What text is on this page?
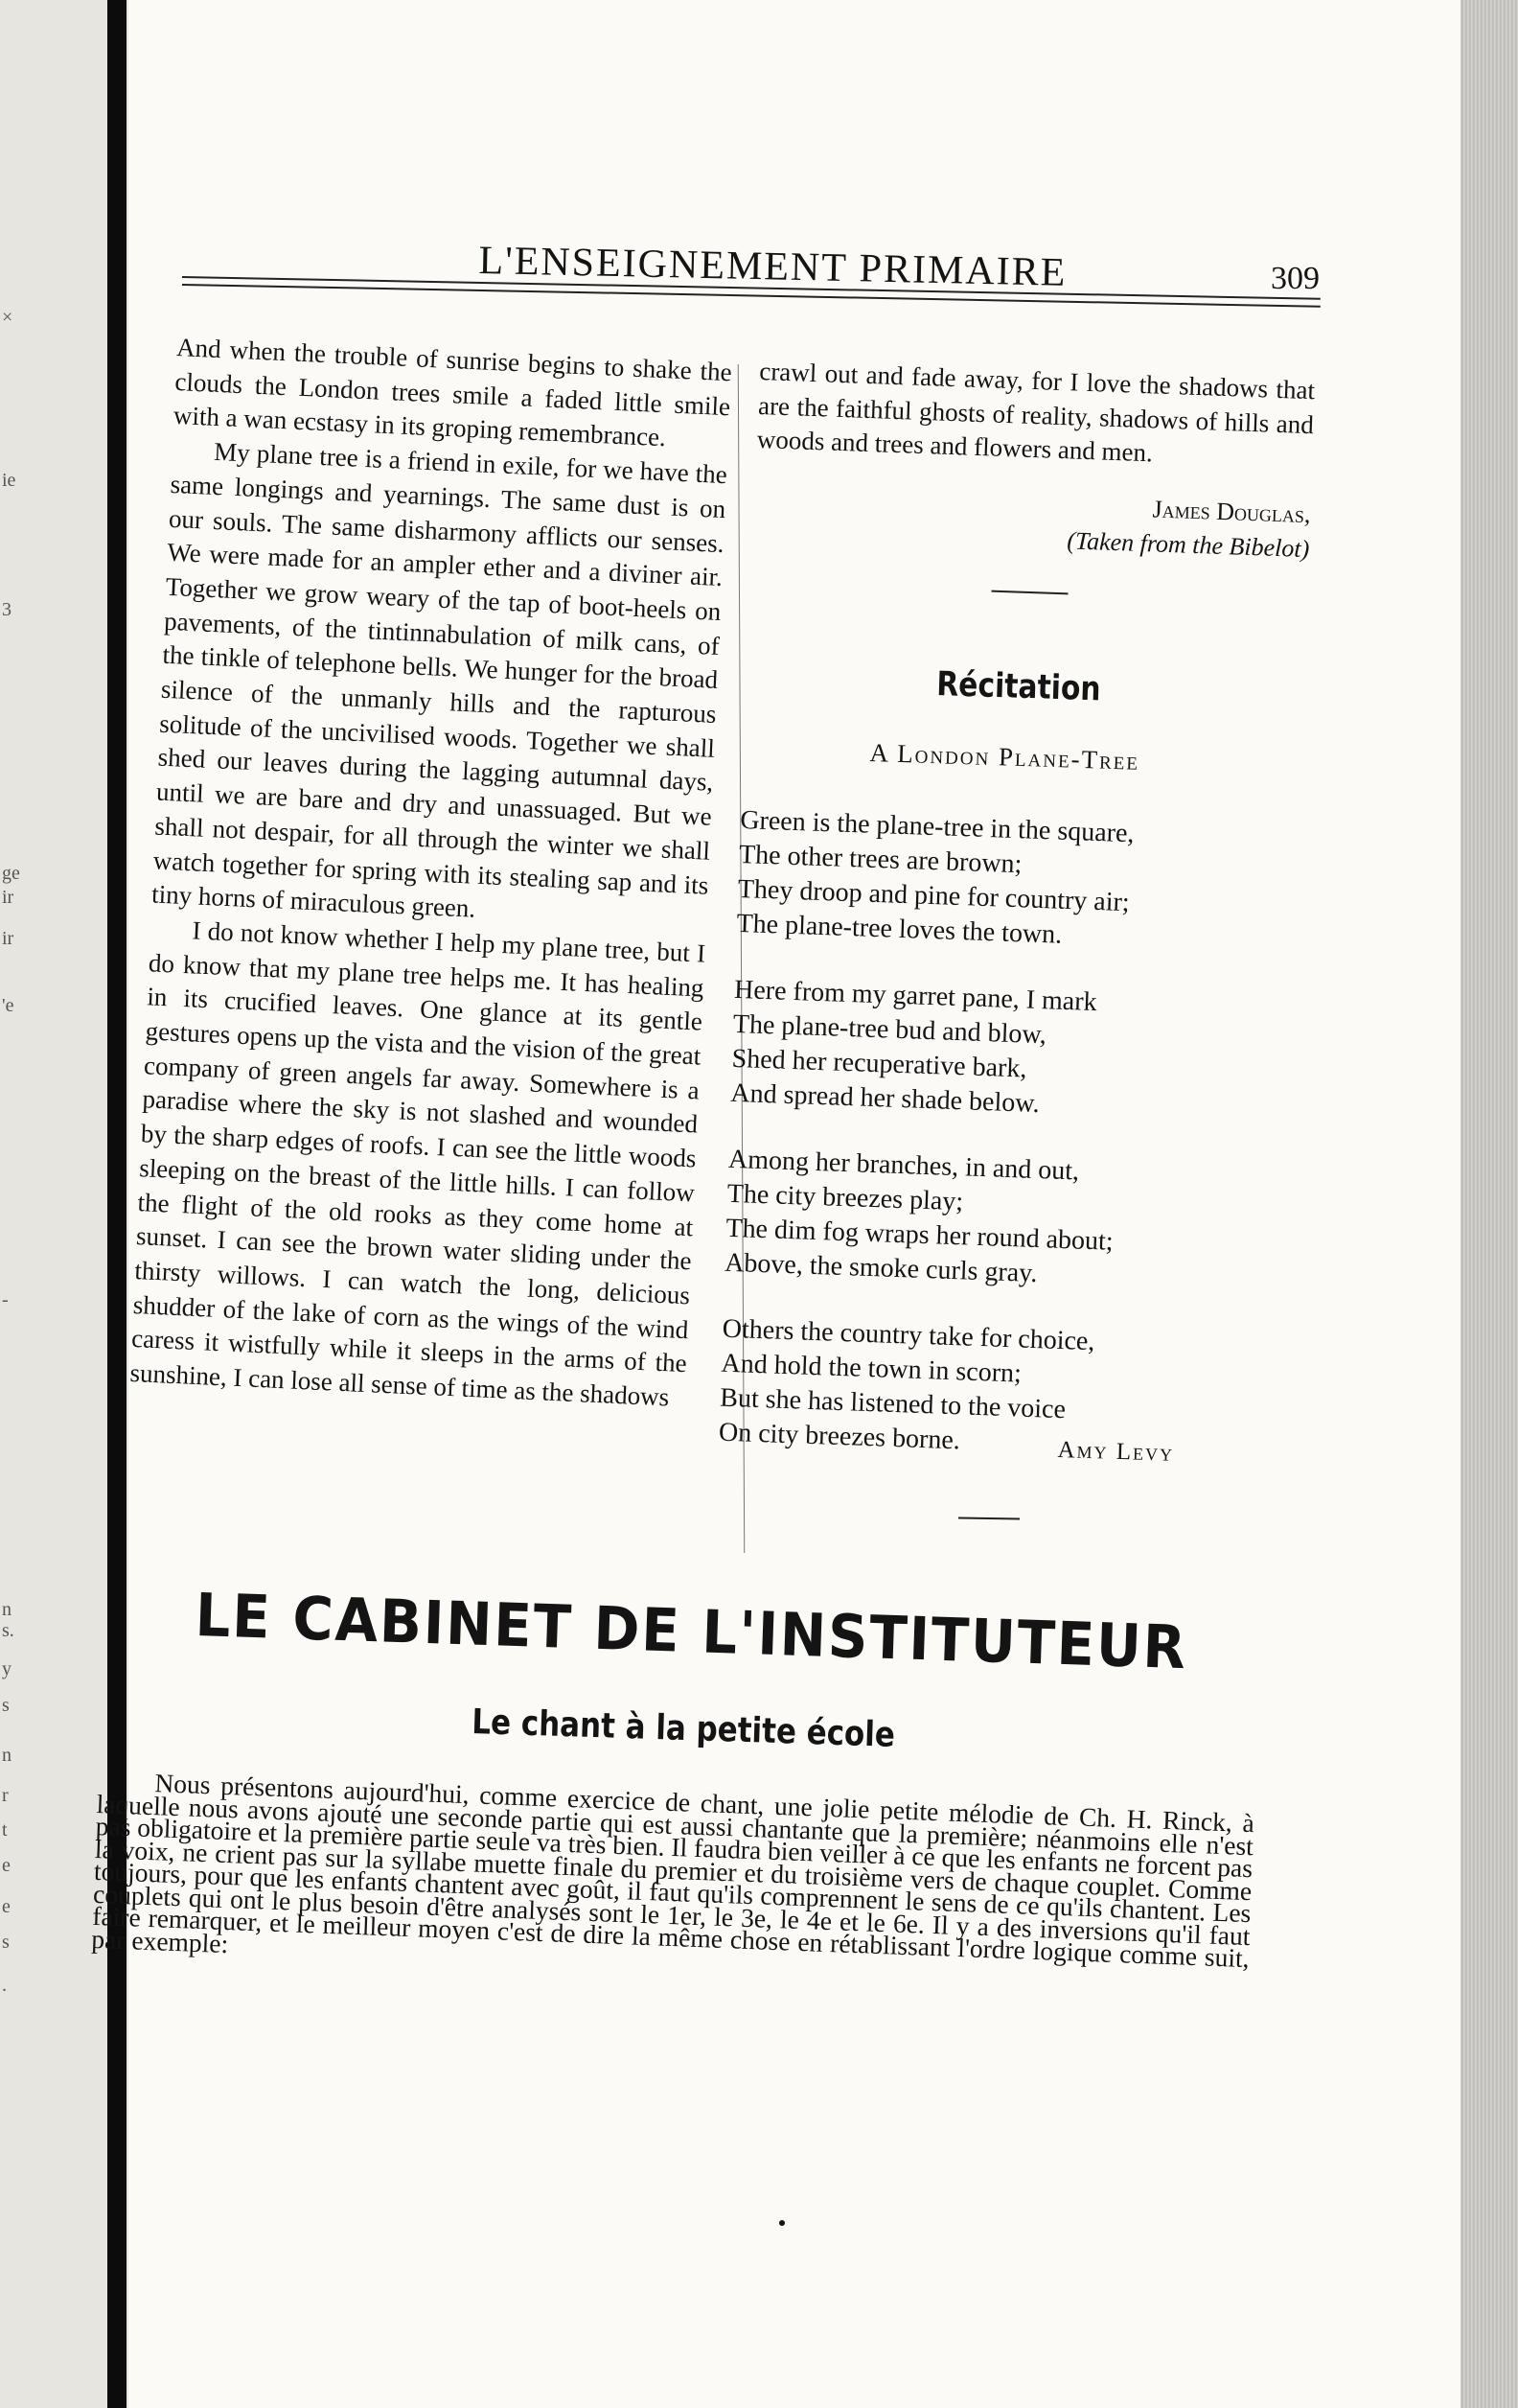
×
ie
3
ge
ir
ir
'e
-
n
s.
y
s
n
r
t
e
e
s
.
L'ENSEIGNEMENT PRIMAIRE	309

And when the trouble of sunrise begins to shake the clouds the London trees smile a faded little smile with a wan ecstasy in its groping remembrance.

My plane tree is a friend in exile, for we have the same longings and yearnings. The same dust is on our souls. The same disharmony afflicts our senses. We were made for an ampler ether and a diviner air. Together we grow weary of the tap of boot-heels on pavements, of the tintinnabulation of milk cans, of the tinkle of telephone bells. We hunger for the broad silence of the unmanly hills and the rapturous solitude of the uncivilised woods. Together we shall shed our leaves during the lagging autumnal days, until we are bare and dry and unassuaged. But we shall not despair, for all through the winter we shall watch together for spring with its stealing sap and its tiny horns of miraculous green.

I do not know whether I help my plane tree, but I do know that my plane tree helps me. It has healing in its crucified leaves. One glance at its gentle gestures opens up the vista and the vision of the great company of green angels far away. Somewhere is a paradise where the sky is not slashed and wounded by the sharp edges of roofs. I can see the little woods sleeping on the breast of the little hills. I can follow the flight of the old rooks as they come home at sunset. I can see the brown water sliding under the thirsty willows. I can watch the long, delicious shudder of the lake of corn as the wings of the wind caress it wistfully while it sleeps in the arms of the sunshine, I can lose all sense of time as the shadows

crawl out and fade away, for I love the shadows that are the faithful ghosts of reality, shadows of hills and woods and trees and flowers and men.

James Douglas,
(Taken from the Bibelot)
Récitation
A London Plane-Tree
Green is the plane-tree in the square,
The other trees are brown;
They droop and pine for country air;
The plane-tree loves the town.
Here from my garret pane, I mark
The plane-tree bud and blow,
Shed her recuperative bark,
And spread her shade below.
Among her branches, in and out,
The city breezes play;
The dim fog wraps her round about;
Above, the smoke curls gray.
Others the country take for choice,
And hold the town in scorn;
But she has listened to the voice
On city breezes borne.	Amy Levy
LE CABINET DE L'INSTITUTEUR
Le chant à la petite école

Nous présentons aujourd'hui, comme exercice de chant, une jolie petite mélodie de Ch. H. Rinck, à laquelle nous avons ajouté une seconde partie qui est aussi chantante que la première; néanmoins elle n'est pas obligatoire et la première partie seule va très bien. Il faudra bien veiller à ce que les enfants ne forcent pas la voix, ne crient pas sur la syllabe muette finale du premier et du troisième vers de chaque couplet. Comme toujours, pour que les enfants chantent avec goût, il faut qu'ils comprennent le sens de ce qu'ils chantent. Les couplets qui ont le plus besoin d'être analysés sont le 1er, le 3e, le 4e et le 6e. Il y a des inversions qu'il faut faire remarquer, et le meilleur moyen c'est de dire la même chose en rétablissant l'ordre logique comme suit, par exemple:
